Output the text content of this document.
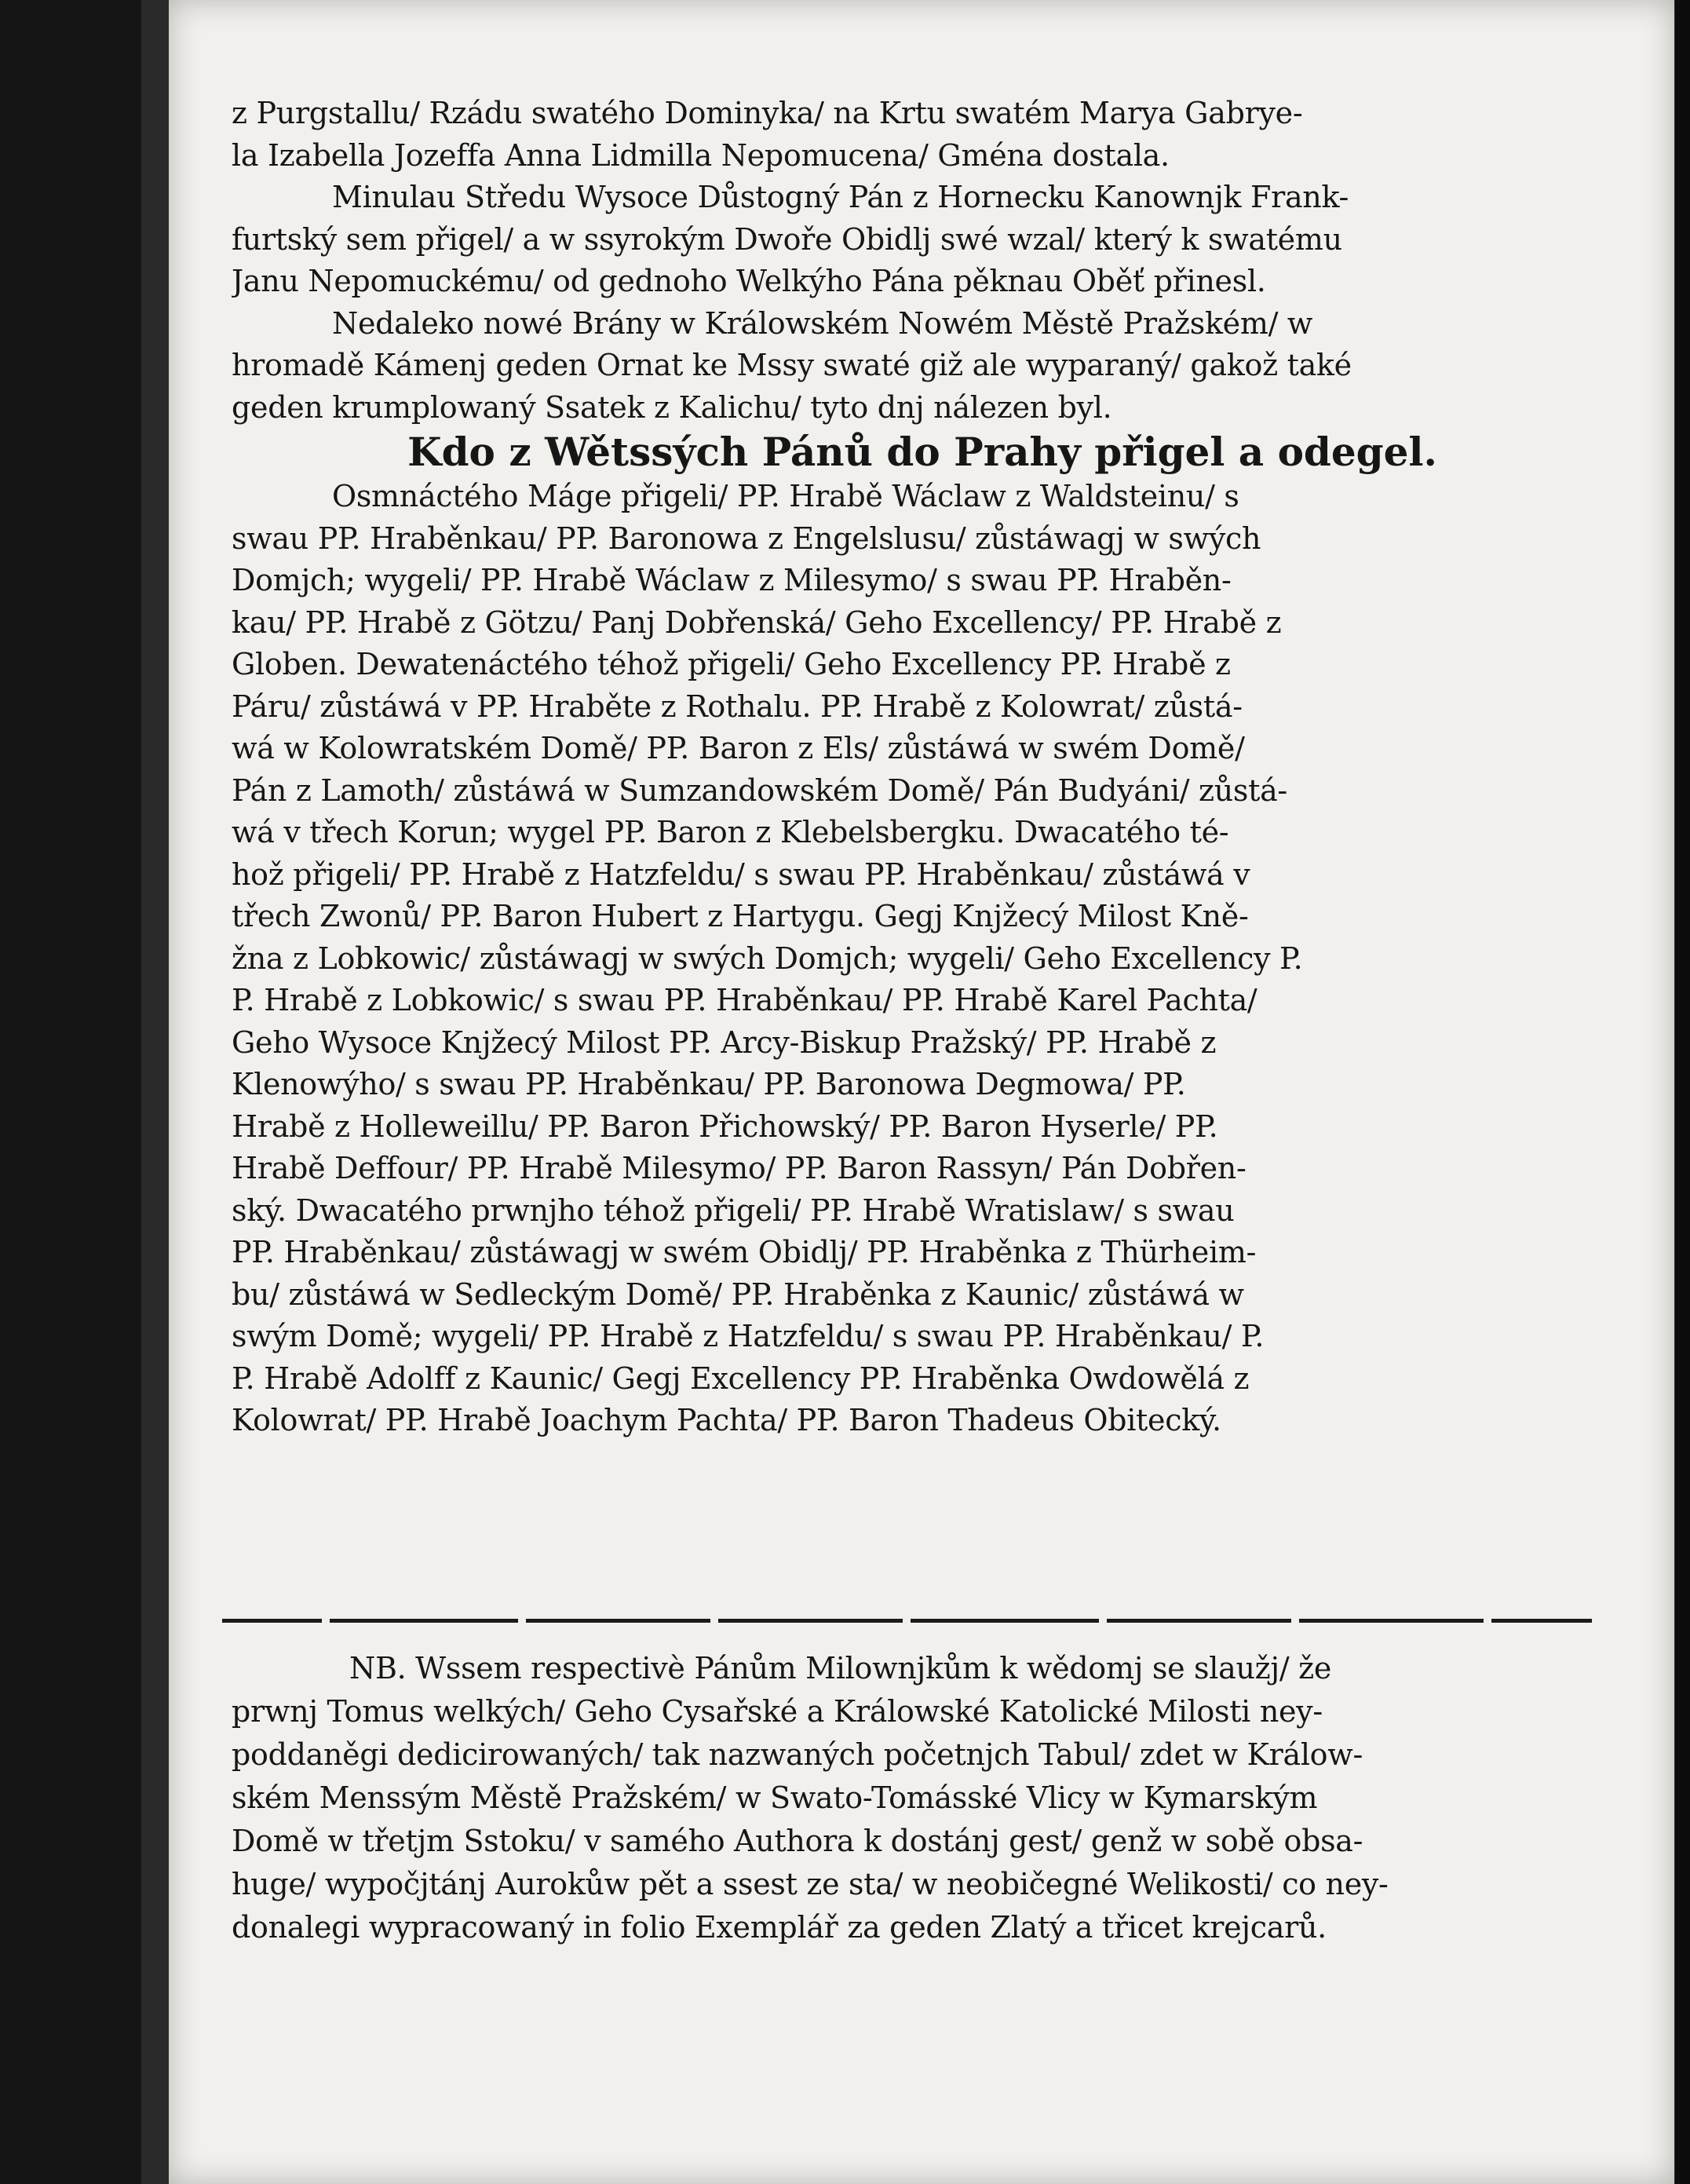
z Purgstallu/ Rzádu swatého Dominyka/ na Krtu swatém Marya Gabrye-
la Izabella Jozeffa Anna Lidmilla Nepomucena/ Gména dostala.
Minulau Středu Wysoce Důstogný Pán z Hornecku Kanownjk Frank-
furtský sem přigel/ a w ssyrokým Dwoře Obidlj swé wzal/ který k swatému
Janu Nepomuckému/ od gednoho Welkýho Pána pěknau Oběť přinesl.
Nedaleko nowé Brány w Králowském Nowém Městě Pražském/ w
hromadě Kámenj geden Ornat ke Mssy swaté giž ale wyparaný/ gakož také
geden krumplowaný Ssatek z Kalichu/ tyto dnj nálezen byl.
Kdo z Wětssých Pánů do Prahy přigel a odegel.
Osmnáctého Máge přigeli/ PP. Hrabě Wáclaw z Waldsteinu/ s
swau PP. Hraběnkau/ PP. Baronowa z Engelslusu/ zůstáwagj w swých
Domjch; wygeli/ PP. Hrabě Wáclaw z Milesymo/ s swau PP. Hraběn-
kau/ PP. Hrabě z Götzu/ Panj Dobřenská/ Geho Excellency/ PP. Hrabě z
Globen. Dewatenáctého téhož přigeli/ Geho Excellency PP. Hrabě z
Páru/ zůstáwá v PP. Hraběte z Rothalu. PP. Hrabě z Kolowrat/ zůstá-
wá w Kolowratském Domě/ PP. Baron z Els/ zůstáwá w swém Domě/
Pán z Lamoth/ zůstáwá w Sumzandowském Domě/ Pán Budyáni/ zůstá-
wá v třech Korun; wygel PP. Baron z Klebelsbergku. Dwacatého té-
hož přigeli/ PP. Hrabě z Hatzfeldu/ s swau PP. Hraběnkau/ zůstáwá v
třech Zwonů/ PP. Baron Hubert z Hartygu. Gegj Knjžecý Milost Kně-
žna z Lobkowic/ zůstáwagj w swých Domjch; wygeli/ Geho Excellency P.
P. Hrabě z Lobkowic/ s swau PP. Hraběnkau/ PP. Hrabě Karel Pachta/
Geho Wysoce Knjžecý Milost PP. Arcy-Biskup Pražský/ PP. Hrabě z
Klenowýho/ s swau PP. Hraběnkau/ PP. Baronowa Degmowa/ PP.
Hrabě z Holleweillu/ PP. Baron Přichowský/ PP. Baron Hyserle/ PP.
Hrabě Deffour/ PP. Hrabě Milesymo/ PP. Baron Rassyn/ Pán Dobřen-
ský. Dwacatého prwnjho téhož přigeli/ PP. Hrabě Wratislaw/ s swau
PP. Hraběnkau/ zůstáwagj w swém Obidlj/ PP. Hraběnka z Thürheim-
bu/ zůstáwá w Sedleckým Domě/ PP. Hraběnka z Kaunic/ zůstáwá w
swým Domě; wygeli/ PP. Hrabě z Hatzfeldu/ s swau PP. Hraběnkau/ P.
P. Hrabě Adolff z Kaunic/ Gegj Excellency PP. Hraběnka Owdowělá z
Kolowrat/ PP. Hrabě Joachym Pachta/ PP. Baron Thadeus Obitecký.
NB. Wssem respectivè Pánům Milownjkům k wědomj se slaužj/ že
prwnj Tomus welkých/ Geho Cysařské a Králowské Katolické Milosti ney-
poddaněgi dedicirowaných/ tak nazwaných početnjch Tabul/ zdet w Králow-
ském Menssým Městě Pražském/ w Swato-Tomásské Vlicy w Kymarským
Domě w třetjm Sstoku/ v samého Authora k dostánj gest/ genž w sobě obsa-
huge/ wypočjtánj Aurokůw pět a ssest ze sta/ w neobičegné Welikosti/ co ney-
donalegi wypracowaný in folio Exemplář za geden Zlatý a třicet krejcarů.
